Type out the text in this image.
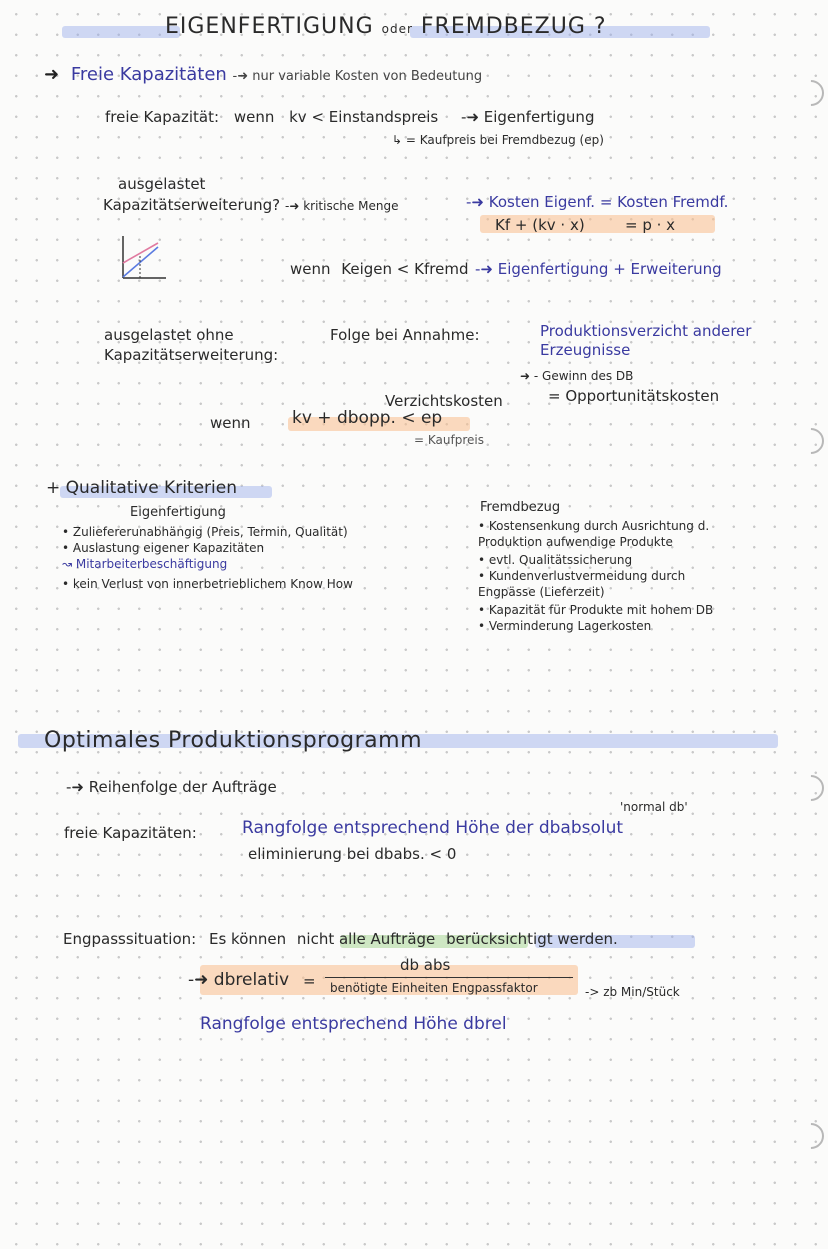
EIGENFERTIGUNG oder FREMDBEZUG ?
➜ Freie Kapazitäten -➜ nur variable Kosten von Bedeutung
freie Kapazität: wenn kv < Einstandspreis -➜ Eigenfertigung
↳ = Kaufpreis bei Fremdbezug (ep)
ausgelastet
Kapazitätserweiterung? -➜ kritische Menge	-➜ Kosten Eigenf. = Kosten Fremdf.
Kf + (kv · x)	= p · x
wenn Keigen < Kfremd -➜ Eigenfertigung + Erweiterung
ausgelastet ohne
Kapazitätserweiterung:
Folge bei Annahme:	Produktionsverzicht anderer
Erzeugnisse
➜ - Gewinn des DB
Verzichtskosten	= Opportunitätskosten
wenn kv + dbopp. < ep
= Kaufpreis
+ Qualitative Kriterien
Eigenfertigung
• Zuliefererunabhängig (Preis, Termin, Qualität)
• Auslastung eigener Kapazitäten
↝ Mitarbeiterbeschäftigung
• kein Verlust von innerbetrieblichem Know How
Fremdbezug
• Kostensenkung durch Ausrichtung d.
Produktion aufwendige Produkte
• evtl. Qualitätssicherung
• Kundenverlustvermeidung durch
Engpässe (Lieferzeit)
• Kapazität für Produkte mit hohem DB
• Verminderung Lagerkosten
Optimales Produktionsprogramm
-➜ Reihenfolge der Aufträge
'normal db'
freie Kapazitäten:	Rangfolge entsprechend Höhe der dbabsolut
eliminierung bei dbabs. < 0
Engpasssituation: Es können nicht alle Aufträge berücksichtigt werden.
-➜ dbrelativ =
db abs
benötigte Einheiten Engpassfaktor	-> zb Min/Stück
Rangfolge entsprechend Höhe dbrel
